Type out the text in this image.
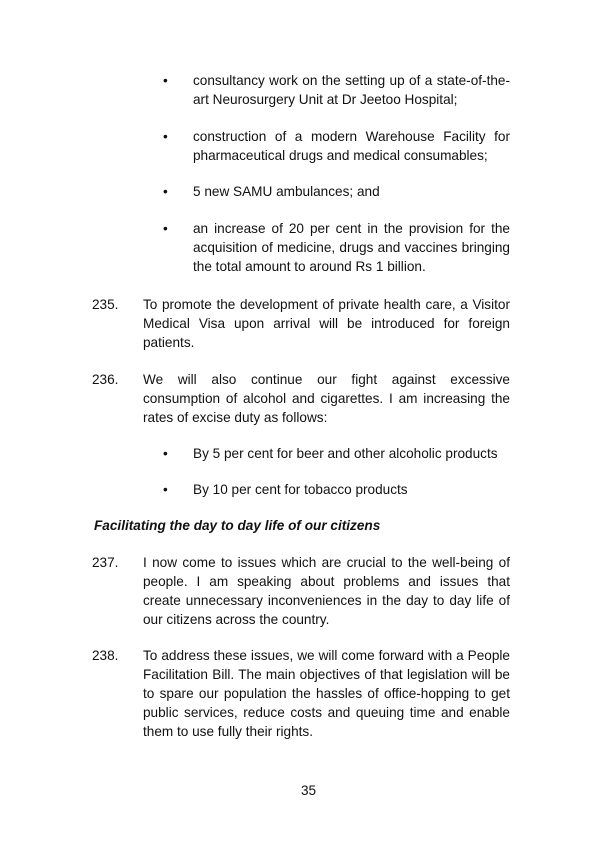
• consultancy work on the setting up of a state-of-the-art Neurosurgery Unit at Dr Jeetoo Hospital;
• construction of a modern Warehouse Facility for pharmaceutical drugs and medical consumables;
• 5 new SAMU ambulances; and
• an increase of 20 per cent in the provision for the acquisition of medicine, drugs and vaccines bringing the total amount to around Rs 1 billion.
235. To promote the development of private health care, a Visitor Medical Visa upon arrival will be introduced for foreign patients.
236. We will also continue our fight against excessive consumption of alcohol and cigarettes. I am increasing the rates of excise duty as follows:
• By 5 per cent for beer and other alcoholic products
• By 10 per cent for tobacco products
Facilitating the day to day life of our citizens
237. I now come to issues which are crucial to the well-being of people. I am speaking about problems and issues that create unnecessary inconveniences in the day to day life of our citizens across the country.
238. To address these issues, we will come forward with a People Facilitation Bill. The main objectives of that legislation will be to spare our population the hassles of office-hopping to get public services, reduce costs and queuing time and enable them to use fully their rights.
35
